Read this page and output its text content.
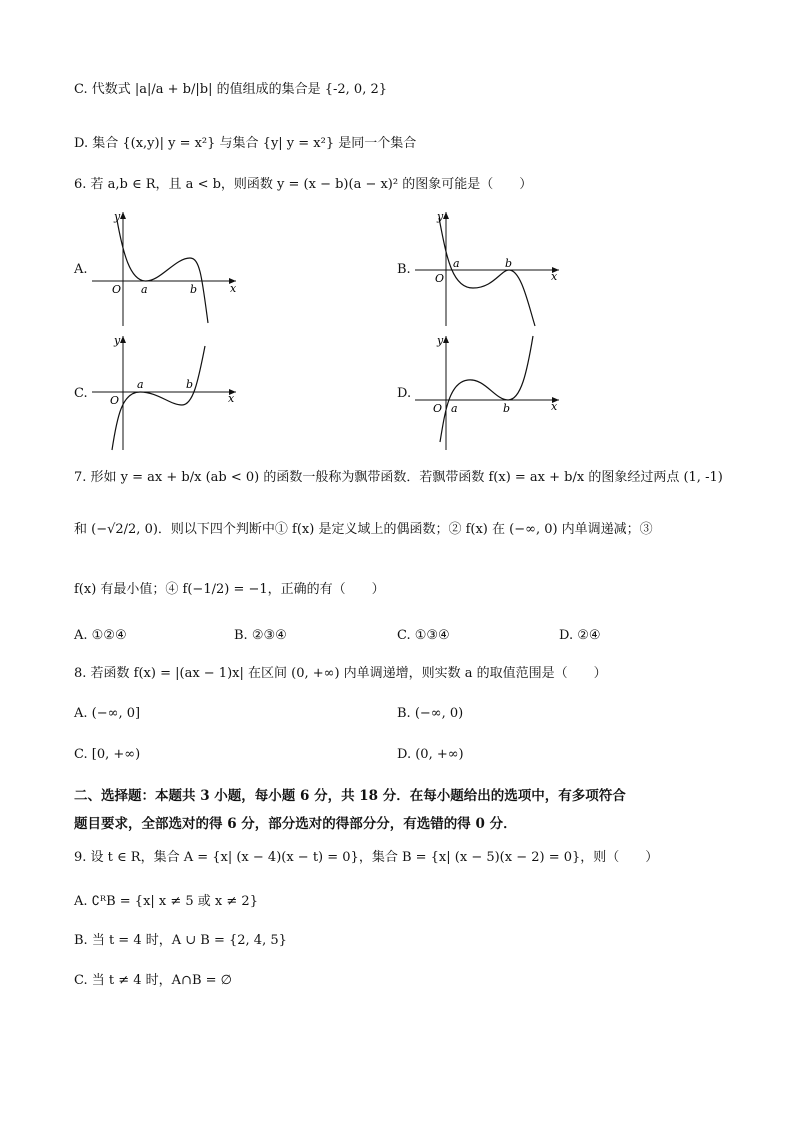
C. 代数式 |a|/a + b/|b| 的值组成的集合是 {-2, 0, 2}
D. 集合 {(x,y)| y = x²} 与集合 {y| y = x²} 是同一个集合
6. 若 a,b ∈ R，且 a < b，则函数 y = (x − b)(a − x)² 的图象可能是（　　）
A.	B.
C.	D.
y
x
O a	b
y
x
O
a	b
y
x
O
a	b
y
x
O a	b
7. 形如 y = ax + b/x (ab < 0) 的函数一般称为飘带函数．若飘带函数 f(x) = ax + b/x 的图象经过两点 (1, -1)
和 (−√2/2, 0)．则以下四个判断中① f(x) 是定义域上的偶函数；② f(x) 在 (−∞, 0) 内单调递减；③
f(x) 有最小值；④ f(−1/2) = −1，正确的有（　　）
A. ①②④	B. ②③④	C. ①③④	D. ②④
8. 若函数 f(x) = |(ax − 1)x| 在区间 (0, +∞) 内单调递增，则实数 a 的取值范围是（　　）
A. (−∞, 0]	B. (−∞, 0)
C. [0, +∞)	D. (0, +∞)
二、选择题：本题共 3 小题，每小题 6 分，共 18 分．在每小题给出的选项中，有多项符合
题目要求，全部选对的得 6 分，部分选对的得部分分，有选错的得 0 分．
9. 设 t ∈ R，集合 A = {x| (x − 4)(x − t) = 0}，集合 B = {x| (x − 5)(x − 2) = 0}，则（　　）
A. ∁ᴿB = {x| x ≠ 5 或 x ≠ 2}
B. 当 t = 4 时，A ∪ B = {2, 4, 5}
C. 当 t ≠ 4 时，A∩B = ∅
